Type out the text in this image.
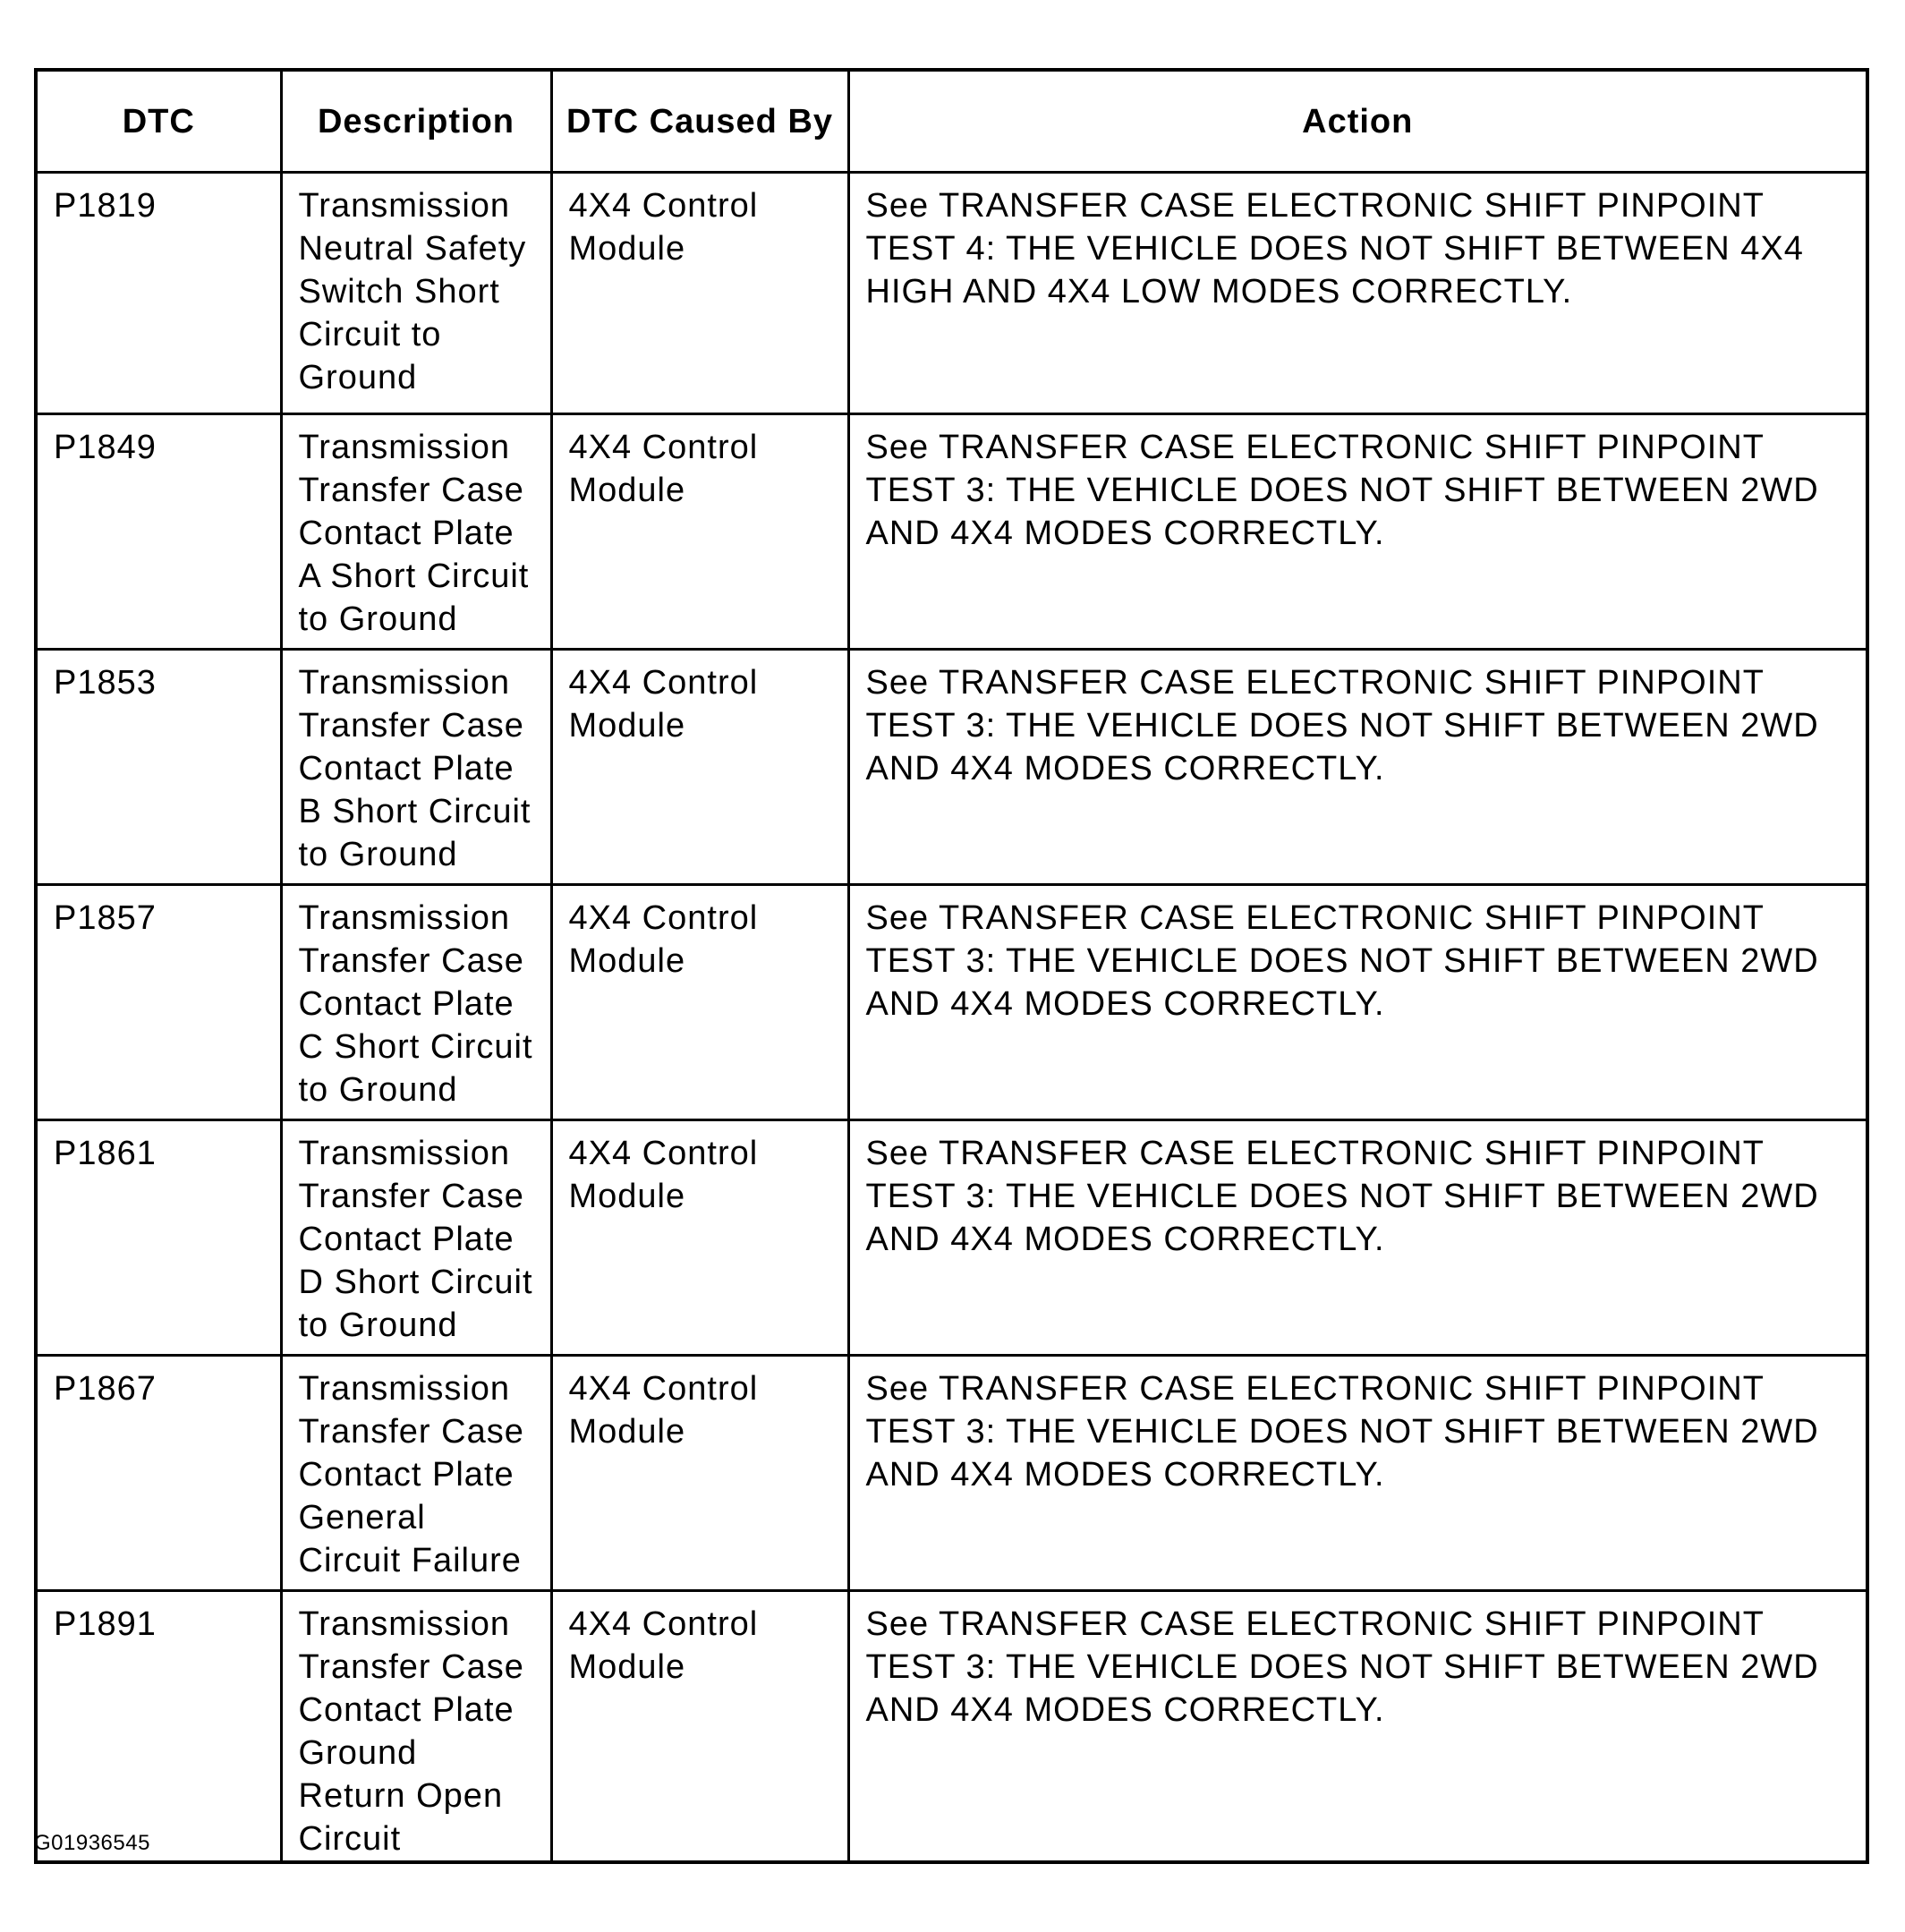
DTC	Description	DTC Caused By	Action
P1819	Transmission Neutral Safety Switch Short Circuit to Ground	4X4 Control Module	See TRANSFER CASE ELECTRONIC SHIFT PINPOINT TEST 4: THE VEHICLE DOES NOT SHIFT BETWEEN 4X4 HIGH AND 4X4 LOW MODES CORRECTLY.
P1849	Transmission Transfer Case Contact Plate A Short Circuit to Ground	4X4 Control Module	See TRANSFER CASE ELECTRONIC SHIFT PINPOINT TEST 3: THE VEHICLE DOES NOT SHIFT BETWEEN 2WD AND 4X4 MODES CORRECTLY.
P1853	Transmission Transfer Case Contact Plate B Short Circuit to Ground	4X4 Control Module	See TRANSFER CASE ELECTRONIC SHIFT PINPOINT TEST 3: THE VEHICLE DOES NOT SHIFT BETWEEN 2WD AND 4X4 MODES CORRECTLY.
P1857	Transmission Transfer Case Contact Plate C Short Circuit to Ground	4X4 Control Module	See TRANSFER CASE ELECTRONIC SHIFT PINPOINT TEST 3: THE VEHICLE DOES NOT SHIFT BETWEEN 2WD AND 4X4 MODES CORRECTLY.
P1861	Transmission Transfer Case Contact Plate D Short Circuit to Ground	4X4 Control Module	See TRANSFER CASE ELECTRONIC SHIFT PINPOINT TEST 3: THE VEHICLE DOES NOT SHIFT BETWEEN 2WD AND 4X4 MODES CORRECTLY.
P1867	Transmission Transfer Case Contact Plate General Circuit Failure	4X4 Control Module	See TRANSFER CASE ELECTRONIC SHIFT PINPOINT TEST 3: THE VEHICLE DOES NOT SHIFT BETWEEN 2WD AND 4X4 MODES CORRECTLY.
P1891	Transmission Transfer Case Contact Plate Ground Return Open Circuit	4X4 Control Module	See TRANSFER CASE ELECTRONIC SHIFT PINPOINT TEST 3: THE VEHICLE DOES NOT SHIFT BETWEEN 2WD AND 4X4 MODES CORRECTLY.
G01936545
